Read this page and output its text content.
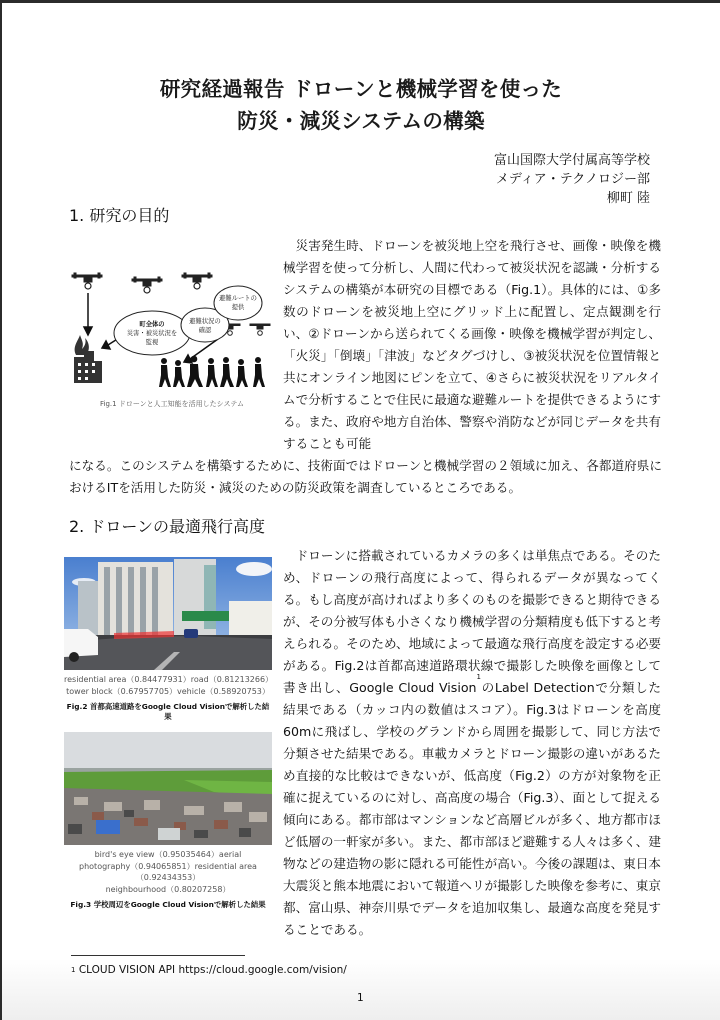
研究経過報告 ドローンと機械学習を使った
防災・減災システムの構築
富山国際大学付属高等学校
メディア・テクノロジー部
柳町 陸
1. 研究の目的
町全体の
災害・被災状況を
監視
避難状況の
確認
避難ルートの
提供
Fig.1 ドローンと人工知能を活用したシステム
災害発生時、ドローンを被災地上空を飛行させ、画像・映像を機械学習を使って分析し、人間に代わって被災状況を認識・分析するシステムの構築が本研究の目標である（Fig.1）。具体的には、①多数のドローンを被災地上空にグリッド上に配置し、定点観測を行い、②ドローンから送られてくる画像・映像を機械学習が判定し、「火災」「倒壊」「津波」などタグづけし、③被災状況を位置情報と共にオンライン地図にピンを立て、④さらに被災状況をリアルタイムで分析することで住民に最適な避難ルートを提供できるようにする。また、政府や地方自治体、警察や消防などが同じデータを共有することも可能
になる。このシステムを構築するために、技術面ではドローンと機械学習の２領域に加え、各都道府県におけるITを活用した防災・減災のための防災政策を調査しているところである。
2. ドローンの最適飛行高度
residential area（0.84477931）road（0.81213266）
tower block（0.67957705）vehicle（0.58920753）
Fig.2 首都高速道路をGoogle Cloud Visionで解析した結果
bird's eye view（0.95035464）aerial
photography（0.94065851）residential area（0.92434353）
neighbourhood（0.80207258）
Fig.3 学校周辺をGoogle Cloud Visionで解析した結果
ドローンに搭載されているカメラの多くは単焦点である。そのため、ドローンの飛行高度によって、得られるデータが異なってくる。もし高度が高ければより多くのものを撮影できると期待できるが、その分被写体も小さくなり機械学習の分類精度も低下すると考えられる。そのため、地域によって最適な飛行高度を設定する必要がある。Fig.2は首都高速道路環状線で撮影した映像を画像として書き出し、Google Cloud Vision$^1$のLabel Detectionで分類した結果である（カッコ内の数値はスコア）。Fig.3はドローンを高度60mに飛ばし、学校のグランドから周囲を撮影して、同じ方法で分類させた結果である。車載カメラとドローン撮影の違いがあるため直接的な比較はできないが、低高度（Fig.2）の方が対象物を正確に捉えているのに対し、高高度の場合（Fig.3）、面として捉える傾向にある。都市部はマンションなど高層ビルが多く、地方都市ほど低層の一軒家が多い。また、都市部ほど避難する人々は多く、建物などの建造物の影に隠れる可能性が高い。今後の課題は、東日本大震災と熊本地震において報道ヘリが撮影した映像を参考に、東京都、富山県、神奈川県でデータを追加収集し、最適な高度を発見することである。
$^1$ CLOUD VISION API https://cloud.google.com/vision/
1
